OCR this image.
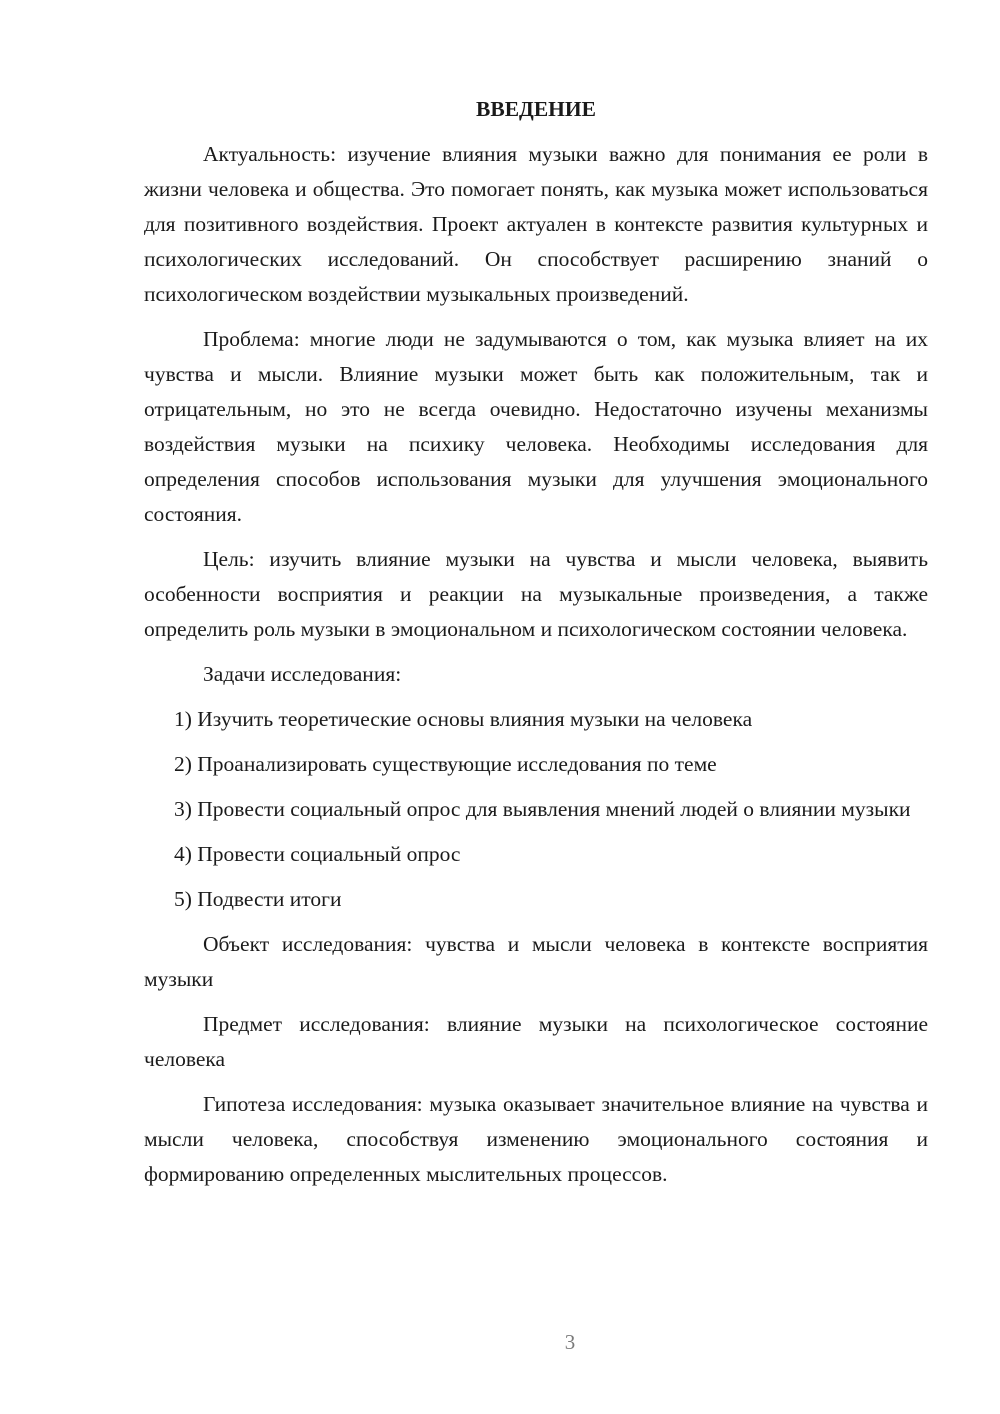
ВВЕДЕНИЕ

Актуальность: изучение влияния музыки важно для понимания ее роли в жизни человека и общества. Это помогает понять, как музыка может использоваться для позитивного воздействия. Проект актуален в контексте развития культурных и психологических исследований. Он способствует расширению знаний о психологическом воздействии музыкальных произведений.

Проблема: многие люди не задумываются о том, как музыка влияет на их чувства и мысли. Влияние музыки может быть как положительным, так и отрицательным, но это не всегда очевидно. Недостаточно изучены механизмы воздействия музыки на психику человека. Необходимы исследования для определения способов использования музыки для улучшения эмоционального состояния.

Цель: изучить влияние музыки на чувства и мысли человека, выявить особенности восприятия и реакции на музыкальные произведения, а также определить роль музыки в эмоциональном и психологическом состоянии человека.

Задачи исследования:

1) Изучить теоретические основы влияния музыки на человека

2) Проанализировать существующие исследования по теме

3) Провести социальный опрос для выявления мнений людей о влиянии музыки

4) Провести социальный опрос

5) Подвести итоги

Объект исследования: чувства и мысли человека в контексте восприятия музыки

Предмет исследования: влияние музыки на психологическое состояние человека

Гипотеза исследования: музыка оказывает значительное влияние на чувства и мысли человека, способствуя изменению эмоционального состояния и формированию определенных мыслительных процессов.

3
